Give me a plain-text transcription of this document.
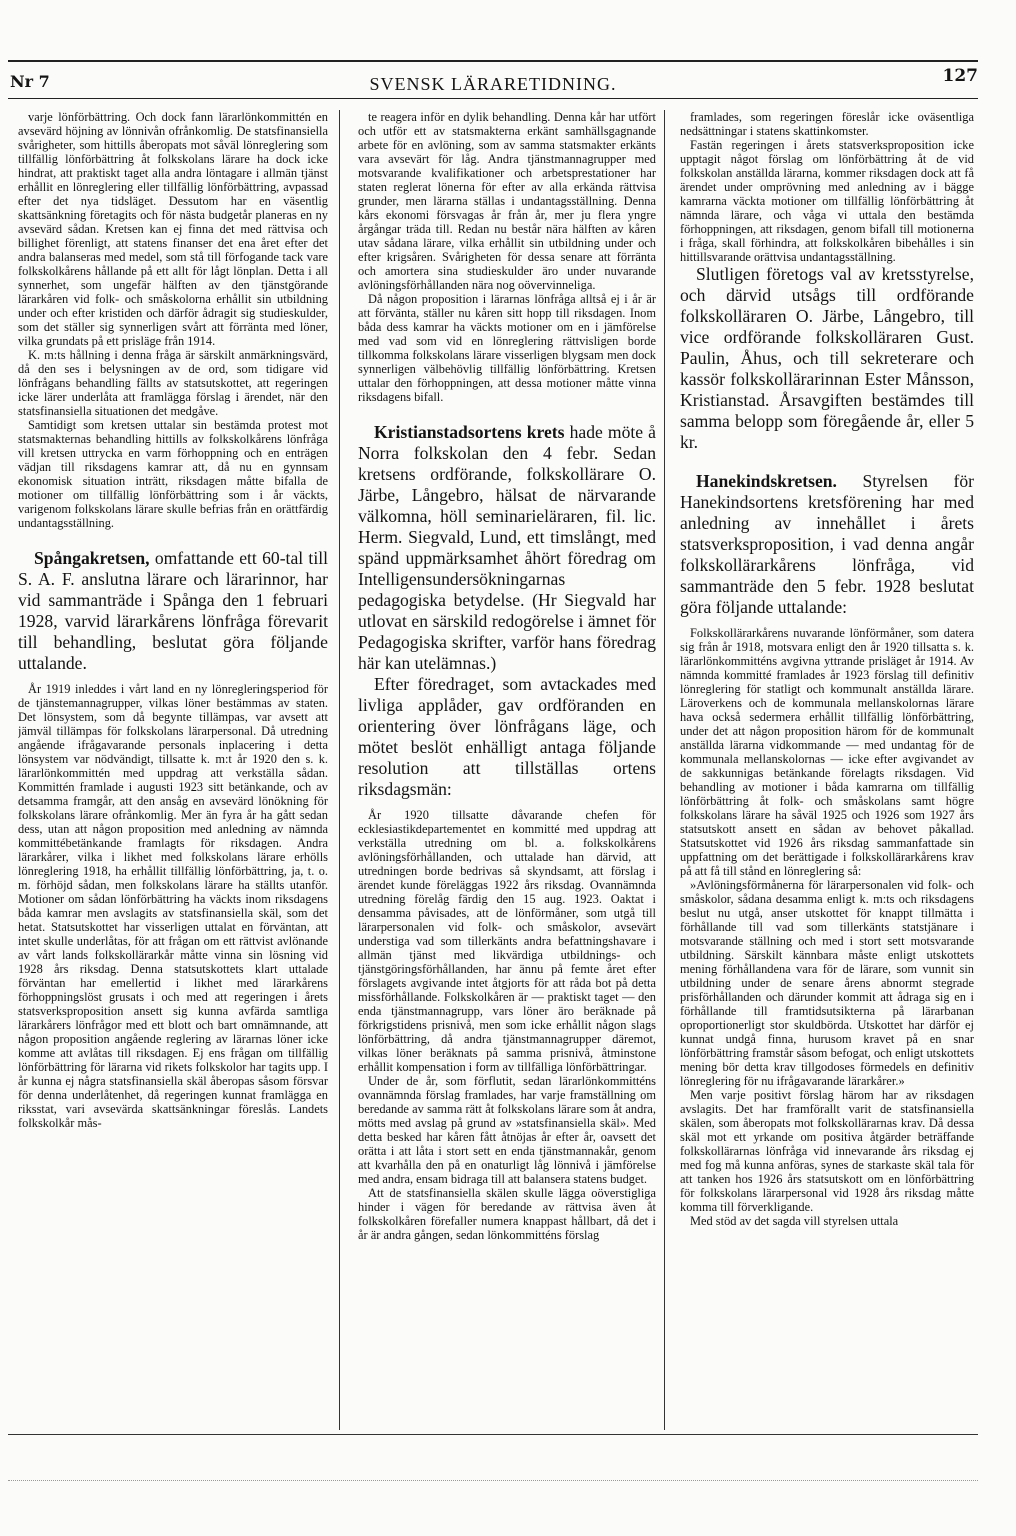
Nr 7	SVENSK LÄRARETIDNING.	127

varje lönförbättring. Och dock fann lärarlönkommittén en avsevärd höjning av lönnivån ofrånkomlig. De statsfinansiella svårigheter, som hittills åberopats mot såväl lönreglering som tillfällig lönförbättring åt folkskolans lärare ha dock icke hindrat, att praktiskt taget alla andra löntagare i allmän tjänst erhållit en lönreglering eller tillfällig lönförbättring, avpassad efter det nya tidsläget. Dessutom har en väsentlig skattsänkning företagits och för nästa budgetår planeras en ny avsevärd sådan. Kretsen kan ej finna det med rättvisa och billighet förenligt, att statens finanser det ena året efter det andra balanseras med medel, som stå till förfogande tack vare folkskolkårens hållande på ett allt för lågt lönplan. Detta i all synnerhet, som ungefär hälften av den tjänstgörande lärarkåren vid folk- och småskolorna erhållit sin utbildning under och efter kristiden och därför ådragit sig studieskulder, som det ställer sig synnerligen svårt att förränta med löner, vilka grundats på ett prisläge från 1914.

K. m:ts hållning i denna fråga är särskilt anmärkningsvärd, då den ses i belysningen av de ord, som tidigare vid lönfrågans behandling fällts av statsutskottet, att regeringen icke lärer underlåta att framlägga förslag i ärendet, när den statsfinansiella situationen det medgåve.

Samtidigt som kretsen uttalar sin bestämda protest mot statsmakternas behandling hittills av folkskolkårens lönfråga vill kretsen uttrycka en varm förhoppning och en enträgen vädjan till riksdagens kamrar att, då nu en gynnsam ekonomisk situation inträtt, riksdagen måtte bifalla de motioner om tillfällig lönförbättring som i år väckts, varigenom folkskolans lärare skulle befrias från en orättfärdig undantagsställning.

Spångakretsen, omfattande ett 60-tal till S. A. F. anslutna lärare och lärarinnor, har vid sammanträde i Spånga den 1 februari 1928, varvid lärarkårens lönfråga förevarit till behandling, beslutat göra följande uttalande.

År 1919 inleddes i vårt land en ny lönregleringsperiod för de tjänstemannagrupper, vilkas löner bestämmas av staten. Det lönsystem, som då begynte tillämpas, var avsett att jämväl tillämpas för folkskolans lärarpersonal. Då utredning angående ifrågavarande personals inplacering i detta lönsystem var nödvändigt, tillsatte k. m:t år 1920 den s. k. lärarlönkommittén med uppdrag att verkställa sådan. Kommittén framlade i augusti 1923 sitt betänkande, och av detsamma framgår, att den ansåg en avsevärd lönökning för folkskolans lärare ofrånkomlig. Mer än fyra år ha gått sedan dess, utan att någon proposition med anledning av nämnda kommittébetänkande framlagts för riksdagen. Andra lärarkårer, vilka i likhet med folkskolans lärare erhölls lönreglering 1918, ha erhållit tillfällig lönförbättring, ja, t. o. m. förhöjd sådan, men folkskolans lärare ha ställts utanför. Motioner om sådan lönförbättring ha väckts inom riksdagens båda kamrar men avslagits av statsfinansiella skäl, som det hetat. Statsutskottet har visserligen uttalat en förväntan, att intet skulle underlåtas, för att frågan om ett rättvist avlönande av vårt lands folkskollärarkår måtte vinna sin lösning vid 1928 års riksdag. Denna statsutskottets klart uttalade förväntan har emellertid i likhet med lärarkårens förhoppningslöst grusats i och med att regeringen i årets statsverksproposition ansett sig kunna avfärda samtliga lärarkårers lönfrågor med ett blott och bart omnämnande, att någon proposition angående reglering av lärarnas löner icke komme att avlåtas till riksdagen. Ej ens frågan om tillfällig lönförbättring för lärarna vid rikets folkskolor har tagits upp. I år kunna ej några statsfinansiella skäl åberopas såsom försvar för denna underlåtenhet, då regeringen kunnat framlägga en riksstat, vari avsevärda skattsänkningar föreslås. Landets folkskolkår mås-

te reagera inför en dylik behandling. Denna kår har utfört och utför ett av statsmakterna erkänt samhällsgagnande arbete för en avlöning, som av samma statsmakter erkänts vara avsevärt för låg. Andra tjänstmannagrupper med motsvarande kvalifikationer och arbetsprestationer har staten reglerat lönerna för efter av alla erkända rättvisa grunder, men lärarna ställas i undantagsställning. Denna kårs ekonomi försvagas år från år, mer ju flera yngre årgångar träda till. Redan nu består nära hälften av kåren utav sådana lärare, vilka erhållit sin utbildning under och efter krigsåren. Svårigheten för dessa senare att förränta och amortera sina studieskulder äro under nuvarande avlöningsförhållanden nära nog oövervinneliga.

Då någon proposition i lärarnas lönfråga alltså ej i år är att förvänta, ställer nu kåren sitt hopp till riksdagen. Inom båda dess kamrar ha väckts motioner om en i jämförelse med vad som vid en lönreglering rättvisligen borde tillkomma folkskolans lärare visserligen blygsam men dock synnerligen välbehövlig tillfällig lönförbättring. Kretsen uttalar den förhoppningen, att dessa motioner måtte vinna riksdagens bifall.

Kristianstadsortens krets hade möte å Norra folkskolan den 4 febr. Sedan kretsens ordförande, folkskollärare O. Järbe, Långebro, hälsat de närvarande välkomna, höll seminarieläraren, fil. lic. Herm. Siegvald, Lund, ett timslångt, med spänd uppmärksamhet åhört föredrag om Intelligensundersökningarnas pedagogiska betydelse. (Hr Siegvald har utlovat en särskild redogörelse i ämnet för Pedagogiska skrifter, varför hans föredrag här kan utelämnas.)

Efter föredraget, som avtackades med livliga applåder, gav ordföranden en orientering över lönfrågans läge, och mötet beslöt enhälligt antaga följande resolution att tillställas ortens riksdagsmän:

År 1920 tillsatte dåvarande chefen för ecklesiastikdepartementet en kommitté med uppdrag att verkställa utredning om bl. a. folkskolkårens avlöningsförhållanden, och uttalade han därvid, att utredningen borde bedrivas så skyndsamt, att förslag i ärendet kunde föreläggas 1922 års riksdag. Ovannämnda utredning förelåg färdig den 15 aug. 1923. Oaktat i densamma påvisades, att de lönförmåner, som utgå till lärarpersonalen vid folk- och småskolor, avsevärt understiga vad som tillerkänts andra befattningshavare i allmän tjänst med likvärdiga utbildnings- och tjänstgöringsförhållanden, har ännu på femte året efter förslagets avgivande intet åtgjorts för att råda bot på detta missförhållande. Folkskolkåren är — praktiskt taget — den enda tjänstmannagrupp, vars löner äro beräknade på förkrigstidens prisnivå, men som icke erhållit någon slags lönförbättring, då andra tjänstmannagrupper däremot, vilkas löner beräknats på samma prisnivå, åtminstone erhållit kompensation i form av tillfälliga lönförbättringar.

Under de år, som förflutit, sedan lärarlönkommitténs ovannämnda förslag framlades, har varje framställning om beredande av samma rätt åt folkskolans lärare som åt andra, mötts med avslag på grund av »statsfinansiella skäl». Med detta besked har kåren fått åtnöjas år efter år, oavsett det orätta i att låta i stort sett en enda tjänstmannakår, genom att kvarhålla den på en onaturligt låg lönnivå i jämförelse med andra, ensam bidraga till att balansera statens budget.

Att de statsfinansiella skälen skulle lägga oöverstigliga hinder i vägen för beredande av rättvisa även åt folkskolkåren förefaller numera knappast hållbart, då det i år är andra gången, sedan lönkommitténs förslag

framlades, som regeringen föreslår icke oväsentliga nedsättningar i statens skattinkomster.

Fastän regeringen i årets statsverksproposition icke upptagit något förslag om lönförbättring åt de vid folkskolan anställda lärarna, kommer riksdagen dock att få ärendet under omprövning med anledning av i bägge kamrarna väckta motioner om tillfällig lönförbättring åt nämnda lärare, och våga vi uttala den bestämda förhoppningen, att riksdagen, genom bifall till motionerna i fråga, skall förhindra, att folkskolkåren bibehålles i sin hittillsvarande orättvisa undantagsställning.

Slutligen företogs val av kretsstyrelse, och därvid utsågs till ordförande folkskolläraren O. Järbe, Långebro, till vice ordförande folkskolläraren Gust. Paulin, Åhus, och till sekreterare och kassör folkskollärarinnan Ester Månsson, Kristianstad. Årsavgiften bestämdes till samma belopp som föregående år, eller 5 kr.

Hanekindskretsen. Styrelsen för Hanekindsortens kretsförening har med anledning av innehållet i årets statsverksproposition, i vad denna angår folkskollärarkårens lönfråga, vid sammanträde den 5 febr. 1928 beslutat göra följande uttalande:

Folkskollärarkårens nuvarande lönförmåner, som datera sig från år 1918, motsvara enligt den år 1920 tillsatta s. k. lärarlönkommitténs avgivna yttrande prisläget år 1914. Av nämnda kommitté framlades år 1923 förslag till definitiv lönreglering för statligt och kommunalt anställda lärare. Läroverkens och de kommunala mellanskolornas lärare hava också sedermera erhållit tillfällig lönförbättring, under det att någon proposition härom för de kommunalt anställda lärarna vidkommande — med undantag för de kommunala mellanskolornas — icke efter avgivandet av de sakkunnigas betänkande förelagts riksdagen. Vid behandling av motioner i båda kamrarna om tillfällig lönförbättring åt folk- och småskolans samt högre folkskolans lärare ha såväl 1925 och 1926 som 1927 års statsutskott ansett en sådan av behovet påkallad. Statsutskottet vid 1926 års riksdag sammanfattade sin uppfattning om det berättigade i folkskollärarkårens krav på att få till stånd en lönreglering så:

»Avlöningsförmånerna för lärarpersonalen vid folk- och småskolor, sådana desamma enligt k. m:ts och riksdagens beslut nu utgå, anser utskottet för knappt tillmätta i förhållande till vad som tillerkänts statstjänare i motsvarande ställning och med i stort sett motsvarande utbildning. Särskilt kännbara måste enligt utskottets mening förhållandena vara för de lärare, som vunnit sin utbildning under de senare årens abnormt stegrade prisförhållanden och därunder kommit att ådraga sig en i förhållande till framtidsutsikterna på lärarbanan oproportionerligt stor skuldbörda. Utskottet har därför ej kunnat undgå finna, hurusom kravet på en snar lönförbättring framstår såsom befogat, och enligt utskottets mening bör detta krav tillgodoses förmedels en definitiv lönreglering för nu ifrågavarande lärarkårer.»

Men varje positivt förslag härom har av riksdagen avslagits. Det har framförallt varit de statsfinansiella skälen, som åberopats mot folkskollärarnas krav. Då dessa skäl mot ett yrkande om positiva åtgärder beträffande folkskollärarnas lönfråga vid innevarande års riksdag ej med fog må kunna anföras, synes de starkaste skäl tala för att tanken hos 1926 års statsutskott om en lönförbättring för folkskolans lärarpersonal vid 1928 års riksdag måtte komma till förverkligande.

Med stöd av det sagda vill styrelsen uttala
